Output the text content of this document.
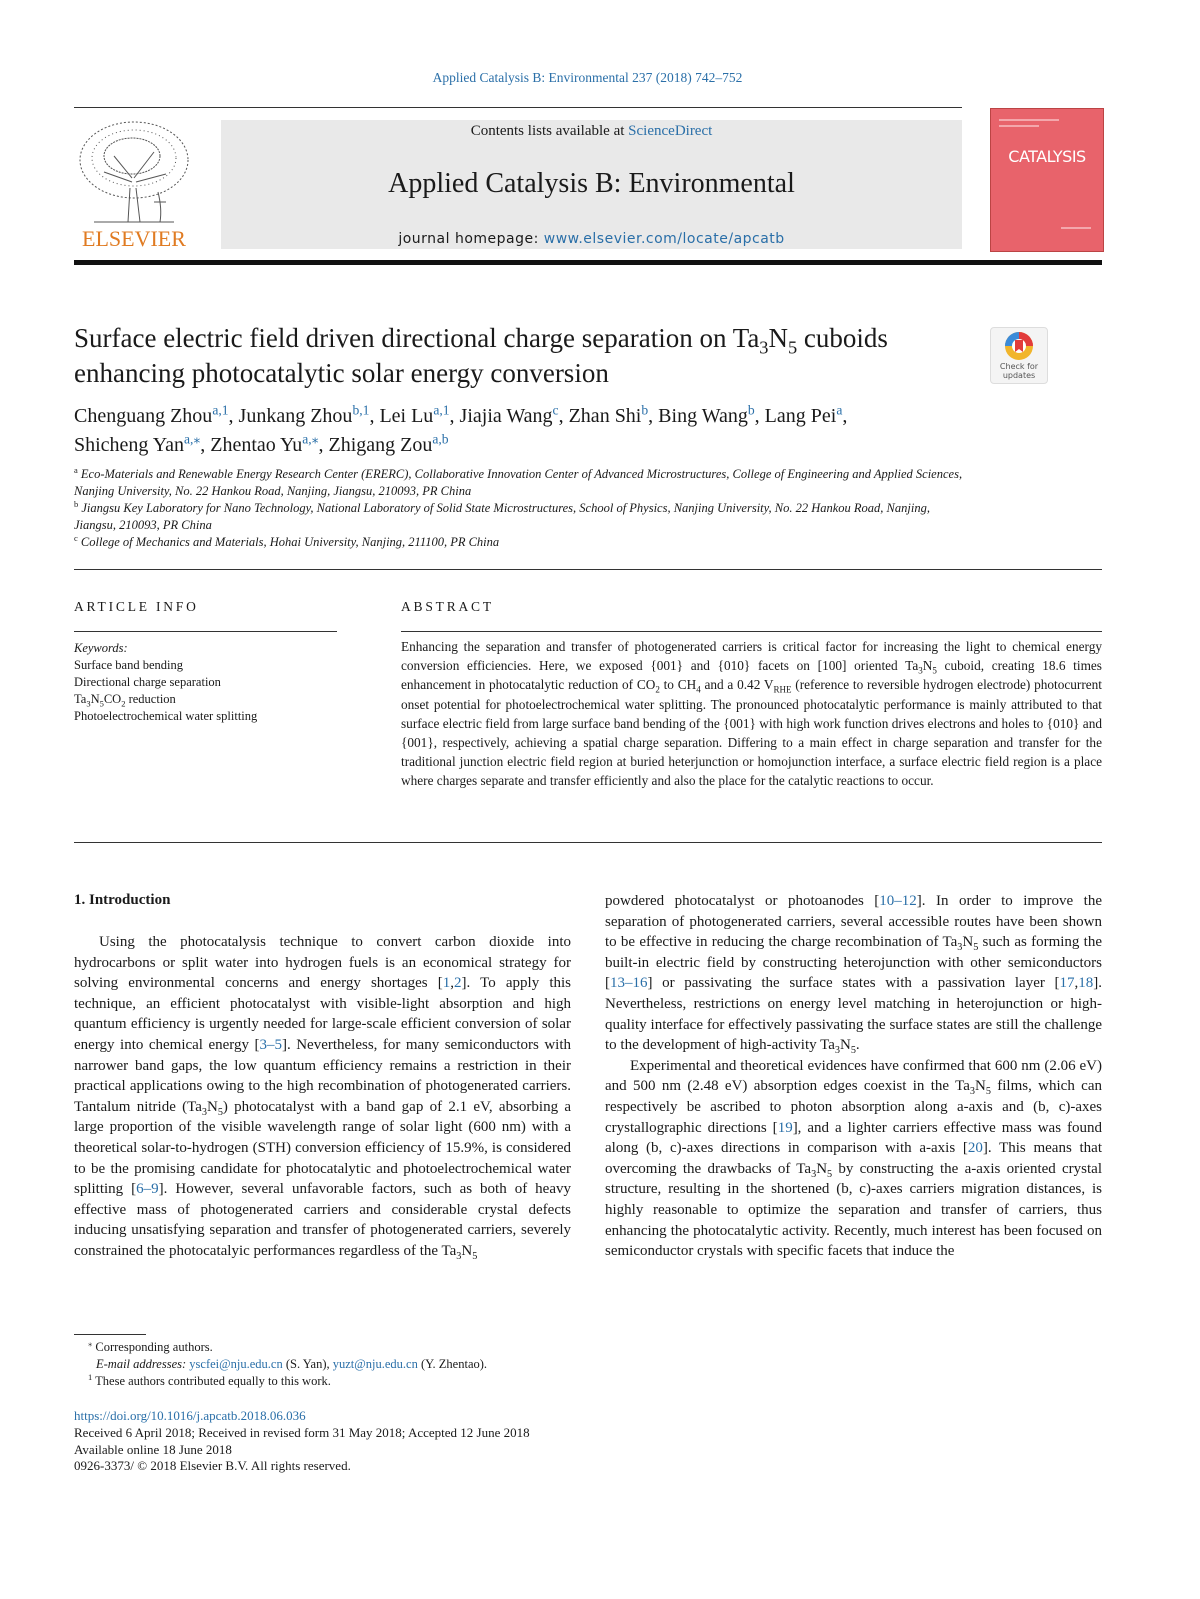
Applied Catalysis B: Environmental 237 (2018) 742–752
ELSEVIER
Contents lists available at ScienceDirect
Applied Catalysis B: Environmental
journal homepage: www.elsevier.com/locate/apcatb
CATALYSIS
Surface electric field driven directional charge separation on $Ta_3N_5$ cuboids enhancing photocatalytic solar energy conversion	Check for updates
Chenguang Zhou$^{a,1}$, Junkang Zhou$^{b,1}$, Lei Lu$^{a,1}$, Jiajia Wang$^c$, Zhan Shi$^b$, Bing Wang$^b$, Lang Pei$^a$,
Shicheng Yan$^{a,⁎}$, Zhentao $Yu^{a,⁎}$, Zhigang Zou$^{a,b}$

$^a$ Eco-Materials and Renewable Energy Research Center (ERERC), Collaborative Innovation Center of Advanced Microstructures, College of Engineering and Applied Sciences, Nanjing University, No. 22 Hankou Road, Nanjing, Jiangsu, 210093, PR China

$^b$ Jiangsu Key Laboratory for Nano Technology, National Laboratory of Solid State Microstructures, School of Physics, Nanjing University, No. 22 Hankou Road, Nanjing, Jiangsu, 210093, PR China

$^c$ College of Mechanics and Materials, Hohai University, Nanjing, 211100, PR China

ARTICLE INFO	ABSTRACT
Keywords:
Surface band bending
Directional charge separation
$Ta_3N_5CO_2$ reduction
Photoelectrochemical water splitting

Enhancing the separation and transfer of photogenerated carriers is critical factor for increasing the light to chemical energy conversion efficiencies. Here, we exposed {001} and {010} facets on [100] oriented $Ta_3N_5$ cuboid, creating 18.6 times enhancement in photocatalytic reduction of $CO_2$ to $CH_4$ and a 0.42 $V_{RHE}$ (reference to reversible hydrogen electrode) photocurrent onset potential for photoelectrochemical water splitting. The pronounced photocatalytic performance is mainly attributed to that surface electric field from large surface band bending of the {001} with high work function drives electrons and holes to {010} and {001}, respectively, achieving a spatial charge separation. Differing to a main effect in charge separation and transfer for the traditional junction electric field region at buried heterjunction or homojunction interface, a surface electric field region is a place where charges separate and transfer efficiently and also the place for the catalytic reactions to occur.

1. Introduction

Using the photocatalysis technique to convert carbon dioxide into hydrocarbons or split water into hydrogen fuels is an economical strategy for solving environmental concerns and energy shortages [1,2]. To apply this technique, an efficient photocatalyst with visible-light absorption and high quantum efficiency is urgently needed for large-scale efficient conversion of solar energy into chemical energy [3–5]. Nevertheless, for many semiconductors with narrower band gaps, the low quantum efficiency remains a restriction in their practical applications owing to the high recombination of photogenerated carriers. Tantalum nitride $(Ta_3N_5)$ photocatalyst with a band gap of 2.1 eV, absorbing a large proportion of the visible wavelength range of solar light (600 nm) with a theoretical solar-to-hydrogen (STH) conversion efficiency of 15.9%, is considered to be the promising candidate for photocatalytic and photoelectrochemical water splitting [6–9]. However, several unfavorable factors, such as both of heavy effective mass of photogenerated carriers and considerable crystal defects inducing unsatisfying separation and transfer of photogenerated carriers, severely constrained the photocatalyic performances regardless of the $Ta_3N_5$

powdered photocatalyst or photoanodes [10–12]. In order to improve the separation of photogenerated carriers, several accessible routes have been shown to be effective in reducing the charge recombination of $Ta_3N_5$ such as forming the built-in electric field by constructing heterojunction with other semiconductors [13–16] or passivating the surface states with a passivation layer [17,18]. Nevertheless, restrictions on energy level matching in heterojunction or high-quality interface for effectively passivating the surface states are still the challenge to the development of high-activity $Ta_3N_5$.

Experimental and theoretical evidences have confirmed that 600 nm (2.06 eV) and 500 nm (2.48 eV) absorption edges coexist in the $Ta_3N_5$ films, which can respectively be ascribed to photon absorption along a-axis and (b, c)-axes crystallographic directions [19], and a lighter carriers effective mass was found along (b, c)-axes directions in comparison with a-axis [20]. This means that overcoming the drawbacks of $Ta_3N_5$ by constructing the a-axis oriented crystal structure, resulting in the shortened (b, c)-axes carriers migration distances, is highly reasonable to optimize the separation and transfer of carriers, thus enhancing the photocatalytic activity. Recently, much interest has been focused on semiconductor crystals with specific facets that induce the

⁎ Corresponding authors.

E-mail addresses: yscfei@nju.edu.cn (S. Yan), yuzt@nju.edu.cn (Y. Zhentao).

$^1$ These authors contributed equally to this work.

https://doi.org/10.1016/j.apcatb.2018.06.036

Received 6 April 2018; Received in revised form 31 May 2018; Accepted 12 June 2018

Available online 18 June 2018

0926-3373/ © 2018 Elsevier B.V. All rights reserved.
